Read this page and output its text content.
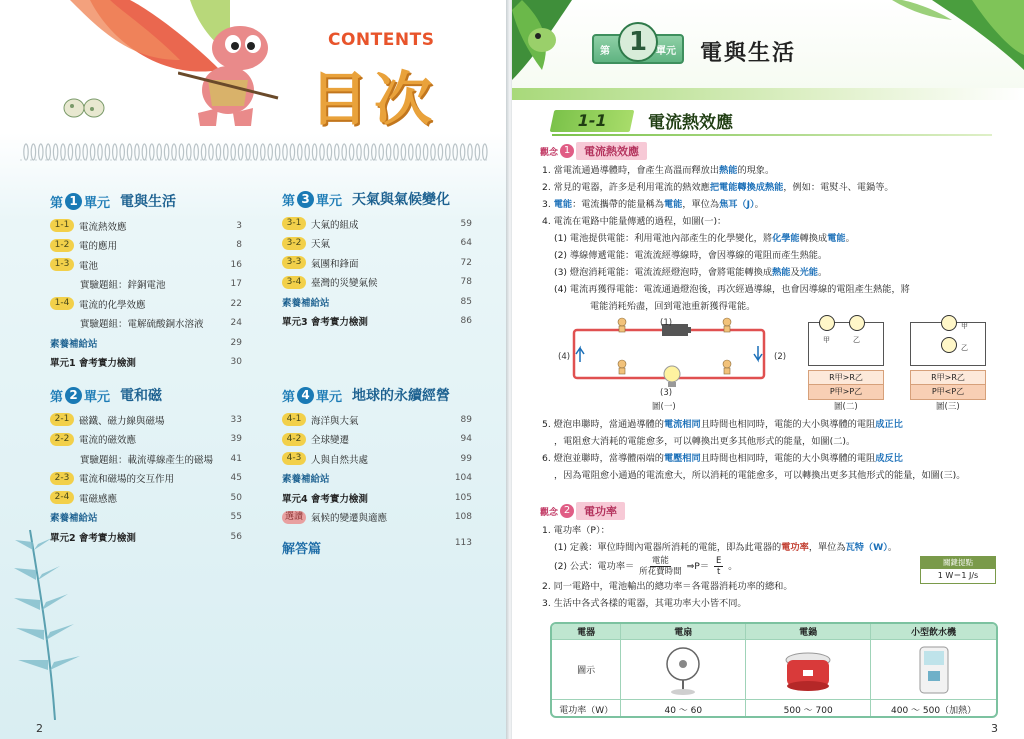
CONTENTS
目次
第 1 單元 電與生活
1-1	電流熱效應	3
1-2	電的應用	8
1-3	電池	16
實驗題組：鋅銅電池	17
1-4	電流的化學效應	22
實驗題組：電解硫酸銅水溶液	24
素養補給站	29
單元1 會考實力檢測	30
第 2 單元 電和磁
2-1	磁鐵、磁力線與磁場	33
2-2	電流的磁效應	39
實驗題組：載流導線產生的磁場	41
2-3	電流和磁場的交互作用	45
2-4	電磁感應	50
素養補給站	55
單元2 會考實力檢測	56
第 3 單元 天氣與氣候變化
3-1	大氣的組成	59
3-2	天氣	64
3-3	氣團和鋒面	72
3-4	臺灣的災變氣候	78
素養補給站	85
單元3 會考實力檢測	86
第 4 單元 地球的永續經營
4-1	海洋與大氣	89
4-2	全球變遷	94
4-3	人與自然共處	99
素養補給站	104
單元4 會考實力檢測	105
選讀 氣候的變遷與適應	108
解答篇	113
2
第	單元
1	電與生活
1-1	電流熱效應
觀念 1	電流熱效應
1. 當電流通過導體時，會產生高溫而釋放出熱能的現象。
2. 常見的電器，許多是利用電流的熱效應把電能轉換成熱能，例如：電熨斗、電鍋等。
3. 電能：電流攜帶的能量稱為電能，單位為焦耳（J）。
4. 電流在電路中能量傳遞的過程，如圖(一)：
(1) 電池提供電能：利用電池內部產生的化學變化，將化學能轉換成電能。
(2) 導線傳遞電能：電流流經導線時，會因導線的電阻而產生熱能。
(3) 燈泡消耗電能：電流流經燈泡時，會將電能轉換成熱能及光能。
(4) 電流再獲得電能：電流通過燈泡後，再次經過導線，也會因導線的電阻產生熱能，將
電能消耗殆盡，回到電池重新獲得電能。
(1)
(2)
(3)
(4)
圖(一)
甲	乙
R甲>R乙
P甲>P乙
圖(二)
甲
乙
R甲>R乙
P甲<P乙
圖(三)
5. 燈泡串聯時，當通過導體的電流相同且時間也相同時，電能的大小與導體的電阻成正比
，電阻愈大消耗的電能愈多，可以轉換出更多其他形式的能量，如圖(二)。
6. 燈泡並聯時，當導體兩端的電壓相同且時間也相同時，電能的大小與導體的電阻成反比
，因為電阻愈小通過的電流愈大，所以消耗的電能愈多，可以轉換出更多其他形式的能量，如圖(三)。
觀念 2	電功率
1. 電功率（P）：
(1) 定義：單位時間內電器所消耗的電能，即為此電器的電功率，單位為瓦特（W）。
(2) 公式：電功率＝ $\frac{\text{電能}}{\text{所花費時間}}$ ⇒P＝ $\frac{E}{t}$ 。
2. 同一電路中，電池輸出的總功率＝各電器消耗功率的總和。
3. 生活中各式各樣的電器，其電功率大小皆不同。
關鍵提點
1 W＝1 J/s
電器	電扇	電鍋	小型飲水機
圖示
電功率（W）	40 ～ 60	500 ～ 700	400 ～ 500（加熱）
3
